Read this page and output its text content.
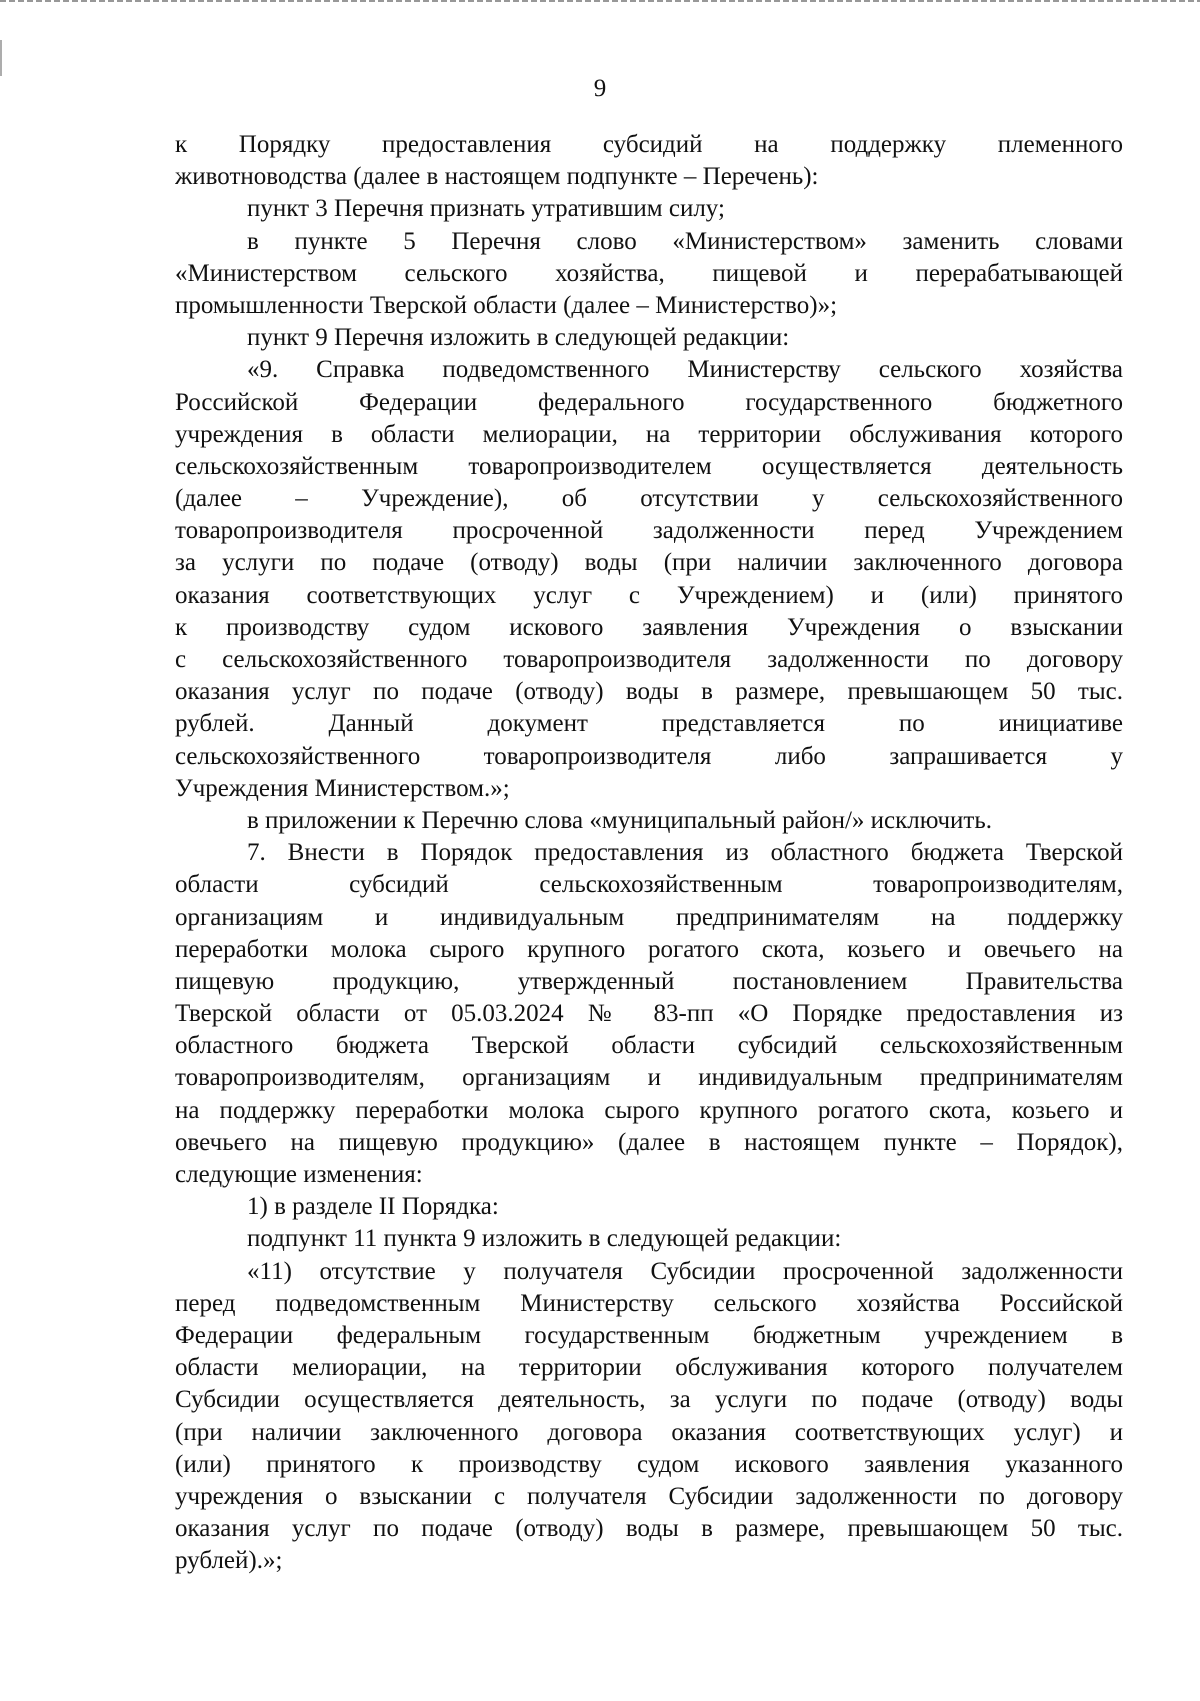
9
к Порядку предоставления субсидий на поддержку племенного
животноводства (далее в настоящем подпункте – Перечень):
пункт 3 Перечня признать утратившим силу;
в пункте 5 Перечня слово «Министерством» заменить словами
«Министерством сельского хозяйства, пищевой и перерабатывающей
промышленности Тверской области (далее – Министерство)»;
пункт 9 Перечня изложить в следующей редакции:
«9. Справка подведомственного Министерству сельского хозяйства
Российской Федерации федерального государственного бюджетного
учреждения в области мелиорации, на территории обслуживания которого
сельскохозяйственным товаропроизводителем осуществляется деятельность
(далее – Учреждение), об отсутствии у сельскохозяйственного
товаропроизводителя просроченной задолженности перед Учреждением
за услуги по подаче (отводу) воды (при наличии заключенного договора
оказания соответствующих услуг с Учреждением) и (или) принятого
к производству судом искового заявления Учреждения о взыскании
с сельскохозяйственного товаропроизводителя задолженности по договору
оказания услуг по подаче (отводу) воды в размере, превышающем 50 тыс.
рублей. Данный документ представляется по инициативе
сельскохозяйственного товаропроизводителя либо запрашивается у
Учреждения Министерством.»;
в приложении к Перечню слова «муниципальный район/» исключить.
7. Внести в Порядок предоставления из областного бюджета Тверской
области субсидий сельскохозяйственным товаропроизводителям,
организациям и индивидуальным предпринимателям на поддержку
переработки молока сырого крупного рогатого скота, козьего и овечьего на
пищевую продукцию, утвержденный постановлением Правительства
Тверской области от 05.03.2024 № 83-пп «О Порядке предоставления из
областного бюджета Тверской области субсидий сельскохозяйственным
товаропроизводителям, организациям и индивидуальным предпринимателям
на поддержку переработки молока сырого крупного рогатого скота, козьего и
овечьего на пищевую продукцию» (далее в настоящем пункте – Порядок),
следующие изменения:
1) в разделе II Порядка:
подпункт 11 пункта 9 изложить в следующей редакции:
«11) отсутствие у получателя Субсидии просроченной задолженности
перед подведомственным Министерству сельского хозяйства Российской
Федерации федеральным государственным бюджетным учреждением в
области мелиорации, на территории обслуживания которого получателем
Субсидии осуществляется деятельность, за услуги по подаче (отводу) воды
(при наличии заключенного договора оказания соответствующих услуг) и
(или) принятого к производству судом искового заявления указанного
учреждения о взыскании с получателя Субсидии задолженности по договору
оказания услуг по подаче (отводу) воды в размере, превышающем 50 тыс.
рублей).»;
